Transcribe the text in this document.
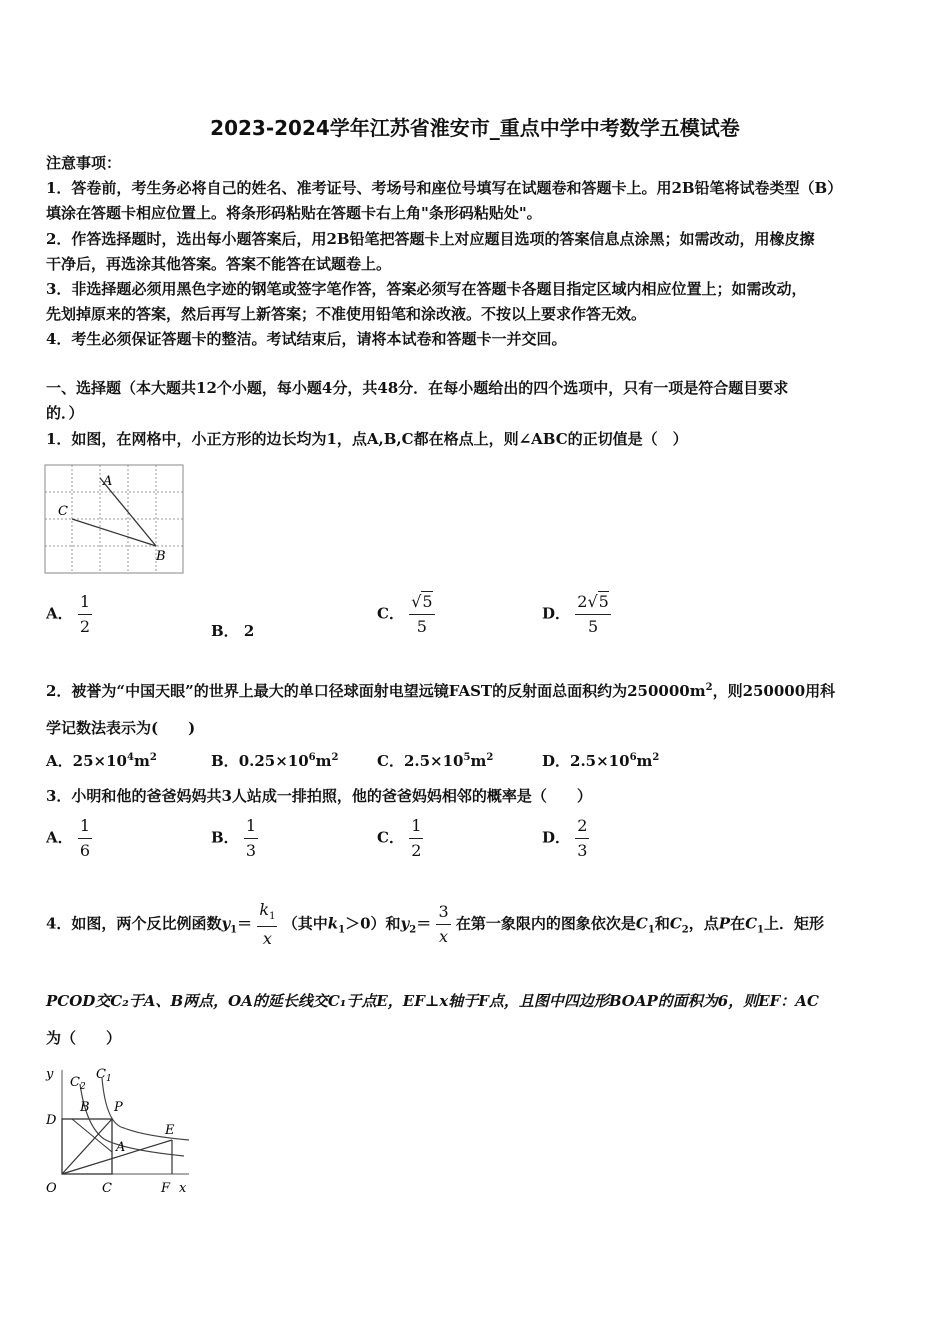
2023-2024学年江苏省淮安市_重点中学中考数学五模试卷
注意事项：
1．答卷前，考生务必将自己的姓名、准考证号、考场号和座位号填写在试题卷和答题卡上。用2B铅笔将试卷类型（B）
填涂在答题卡相应位置上。将条形码粘贴在答题卡右上角"条形码粘贴处"。
2．作答选择题时，选出每小题答案后，用2B铅笔把答题卡上对应题目选项的答案信息点涂黑；如需改动，用橡皮擦
干净后，再选涂其他答案。答案不能答在试题卷上。
3．非选择题必须用黑色字迹的钢笔或签字笔作答，答案必须写在答题卡各题目指定区域内相应位置上；如需改动，
先划掉原来的答案，然后再写上新答案；不准使用铅笔和涂改液。不按以上要求作答无效。
4．考生必须保证答题卡的整洁。考试结束后，请将本试卷和答题卡一并交回。
一、选择题（本大题共12个小题，每小题4分，共48分．在每小题给出的四个选项中，只有一项是符合题目要求
的．）
1．如图，在网格中，小正方形的边长均为1，点A,B,C都在格点上，则∠ABC的正切值是（　）
A
C
B
A． $\frac{1}{2}$	B． 2
C． $\frac{√5}{5}$	D． $\frac{2√5}{5}$
2．被誉为“中国天眼”的世界上最大的单口径球面射电望远镜FAST的反射面总面积约为$250000m^2$，则250000用科
学记数法表示为(　　)
A．$25\times 10^4m^2$	B．$0.25\times 10^6m^2$	C．$2.5\times 10^5m^2$	D．$2.5\times 10^6m^2$
3．小明和他的爸爸妈妈共3人站成一排拍照，他的爸爸妈妈相邻的概率是（　　）
A． $\frac{1}{6}$	B． $\frac{1}{3}$	C． $\frac{1}{2}$	D． $\frac{2}{3}$
4．如图，两个反比例函数$y_1= \frac{k_1}{x}$ （其中$k_1>0$）和$y_2= \frac{3}{x}$ 在第一象限内的图象依次是$C_1$和$C_2$，点P在$C_1$上．矩形
PCOD交C₂于A、B两点，OA的延长线交C₁于点E，EF⊥x轴于F点，且图中四边形BOAP的面积为6，则EF：AC
为（　　）
y
x
O	C	F
D
B P
E
A
$C_2$
$C_1$
